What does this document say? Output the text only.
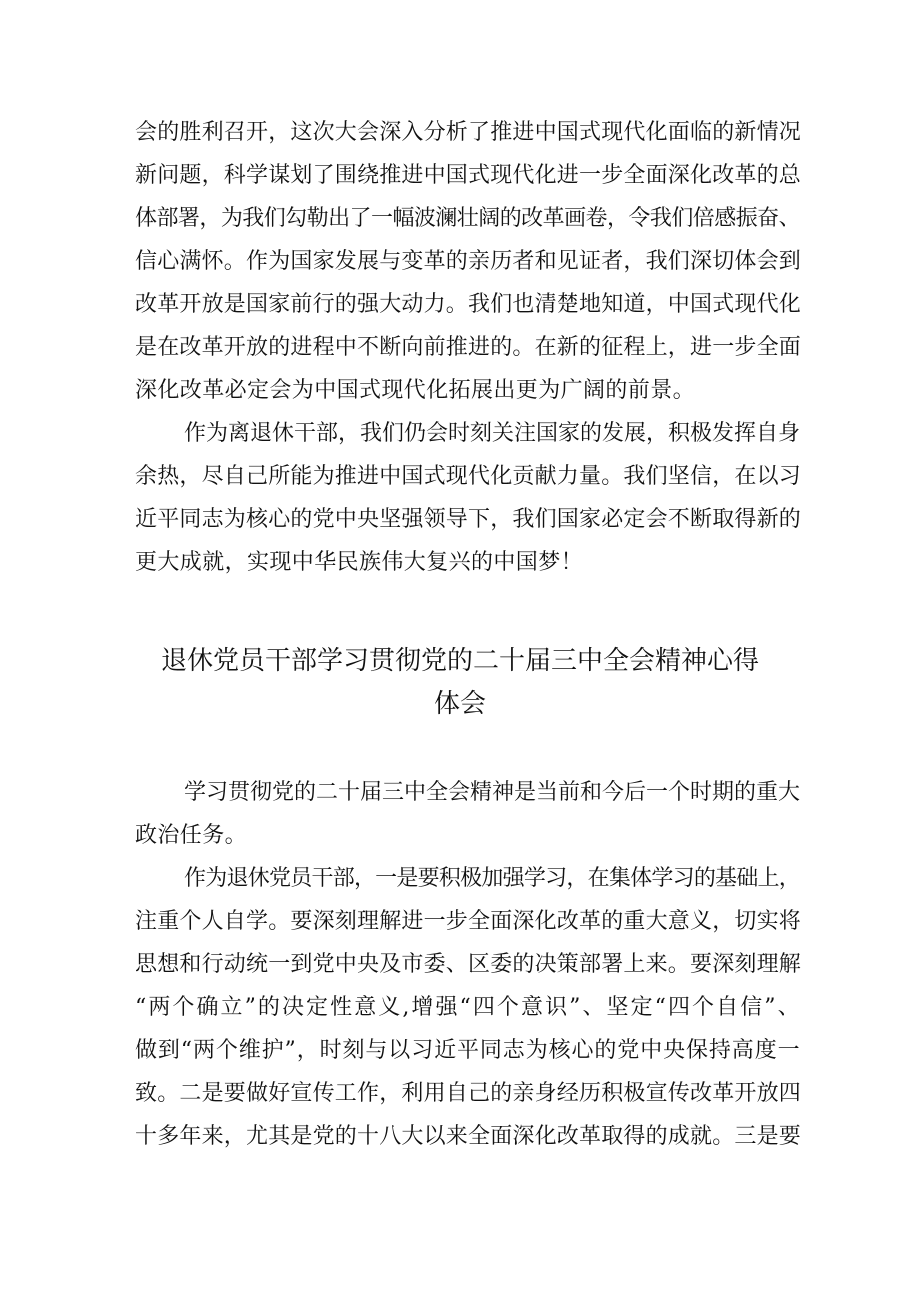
会的胜利召开，这次大会深入分析了推进中国式现代化面临的新情况
新问题，科学谋划了围绕推进中国式现代化进一步全面深化改革的总
体部署，为我们勾勒出了一幅波澜壮阔的改革画卷，令我们倍感振奋、
信心满怀。作为国家发展与变革的亲历者和见证者，我们深切体会到
改革开放是国家前行的强大动力。我们也清楚地知道，中国式现代化
是在改革开放的进程中不断向前推进的。在新的征程上，进一步全面
深化改革必定会为中国式现代化拓展出更为广阔的前景。
作为离退休干部，我们仍会时刻关注国家的发展，积极发挥自身
余热，尽自己所能为推进中国式现代化贡献力量。我们坚信，在以习
近平同志为核心的党中央坚强领导下，我们国家必定会不断取得新的
更大成就，实现中华民族伟大复兴的中国梦！
退休党员干部学习贯彻党的二十届三中全会精神心得
体会
学习贯彻党的二十届三中全会精神是当前和今后一个时期的重大
政治任务。
作为退休党员干部，一是要积极加强学习，在集体学习的基础上，
注重个人自学。要深刻理解进一步全面深化改革的重大意义，切实将
思想和行动统一到党中央及市委、区委的决策部署上来。要深刻理解
“两个确立”的决定性意义,增强“四个意识”、坚定“四个自信”、
做到“两个维护”，时刻与以习近平同志为核心的党中央保持高度一
致。二是要做好宣传工作，利用自己的亲身经历积极宣传改革开放四
十多年来，尤其是党的十八大以来全面深化改革取得的成就。三是要
